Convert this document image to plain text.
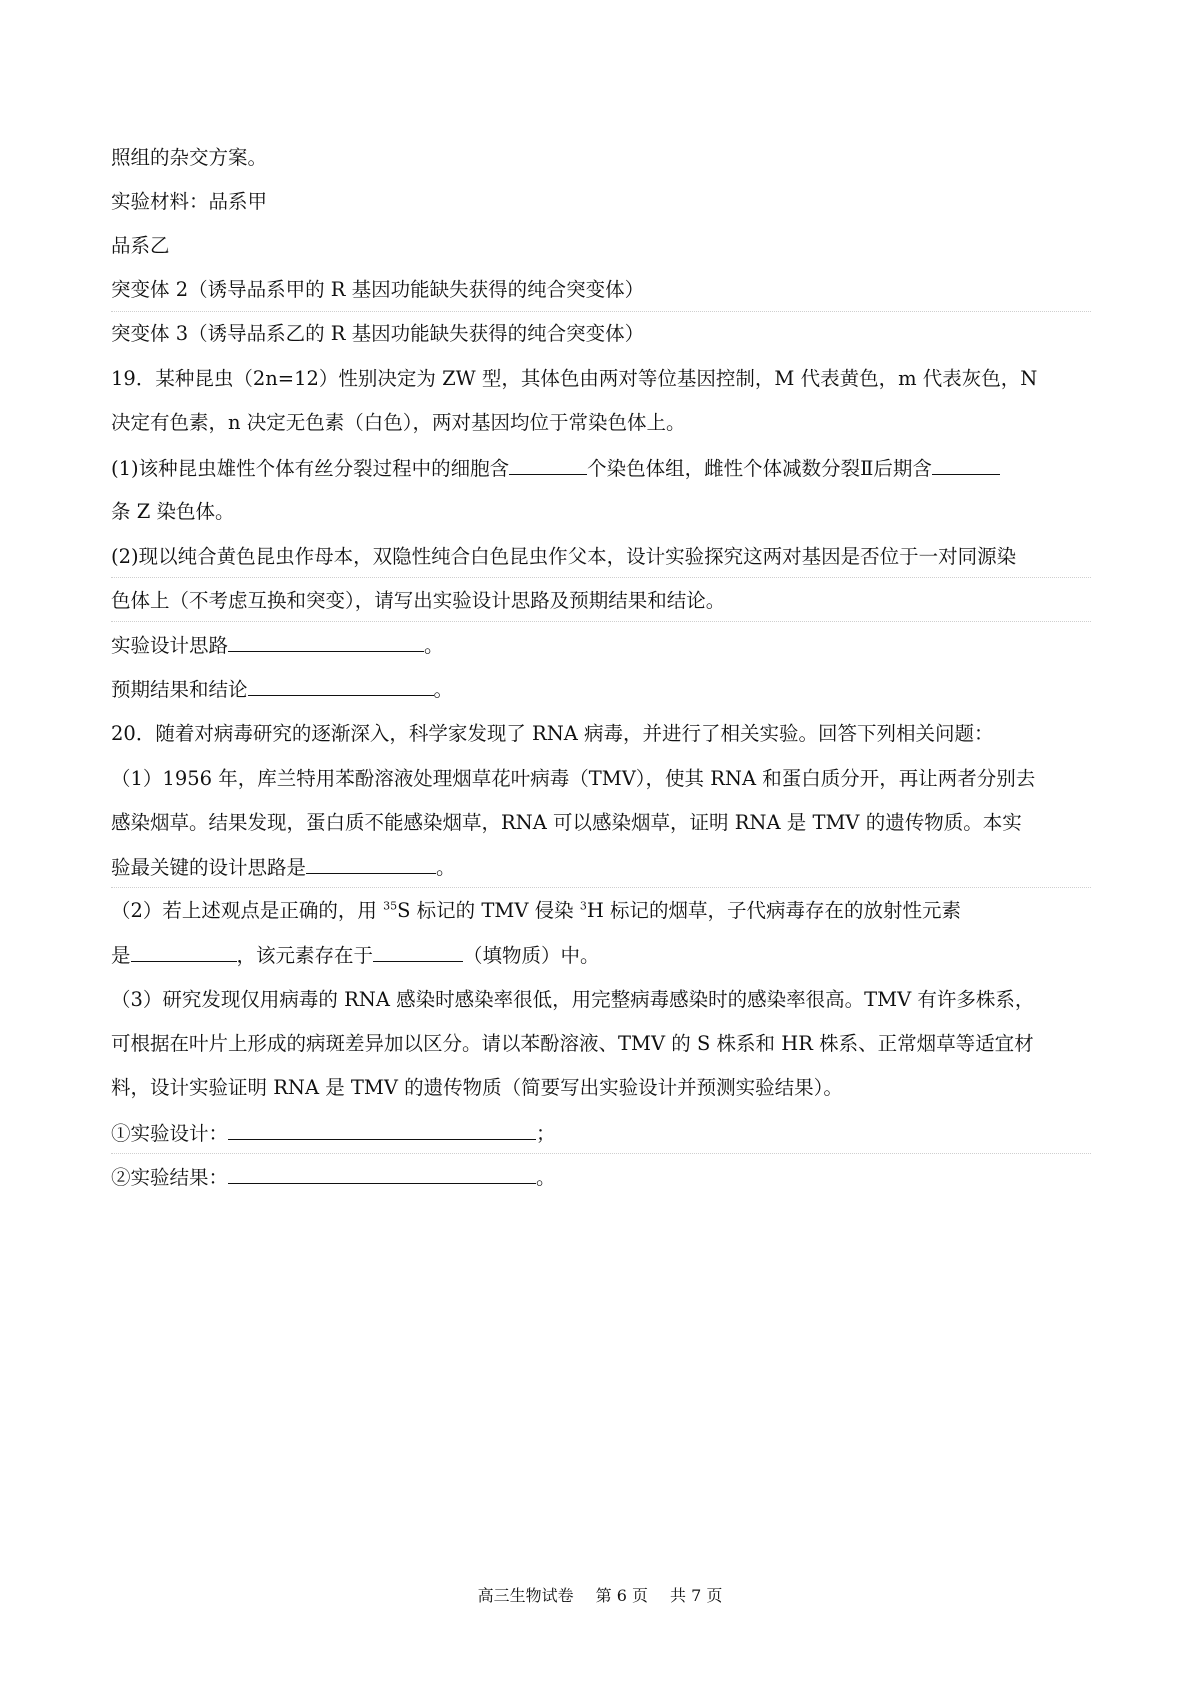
照组的杂交方案。
实验材料：品系甲
品系乙
突变体 2（诱导品系甲的 R 基因功能缺失获得的纯合突变体）
突变体 3（诱导品系乙的 R 基因功能缺失获得的纯合突变体）
19．某种昆虫（2n=12）性别决定为 ZW 型，其体色由两对等位基因控制，M 代表黄色，m 代表灰色，N
决定有色素，n 决定无色素（白色），两对基因均位于常染色体上。
(1)该种昆虫雄性个体有丝分裂过程中的细胞含	个染色体组，雌性个体减数分裂Ⅱ后期含
条 Z 染色体。
(2)现以纯合黄色昆虫作母本，双隐性纯合白色昆虫作父本，设计实验探究这两对基因是否位于一对同源染
色体上（不考虑互换和突变），请写出实验设计思路及预期结果和结论。
实验设计思路	。
预期结果和结论	。
20．随着对病毒研究的逐渐深入，科学家发现了 RNA 病毒，并进行了相关实验。回答下列相关问题：
（1）1956 年，库兰特用苯酚溶液处理烟草花叶病毒（TMV），使其 RNA 和蛋白质分开，再让两者分别去
感染烟草。结果发现，蛋白质不能感染烟草，RNA 可以感染烟草，证明 RNA 是 TMV 的遗传物质。本实
验最关键的设计思路是	。
（2）若上述观点是正确的，用 $^{35}$S 标记的 TMV 侵染 $^3$H 标记的烟草，子代病毒存在的放射性元素
是	，该元素存在于	（填物质）中。
（3）研究发现仅用病毒的 RNA 感染时感染率很低，用完整病毒感染时的感染率很高。TMV 有许多株系，
可根据在叶片上形成的病斑差异加以区分。请以苯酚溶液、TMV 的 S 株系和 HR 株系、正常烟草等适宜材
料，设计实验证明 RNA 是 TMV 的遗传物质（简要写出实验设计并预测实验结果）。
①实验设计：	；
②实验结果：	。
高三生物试卷 第 6 页 共 7 页
